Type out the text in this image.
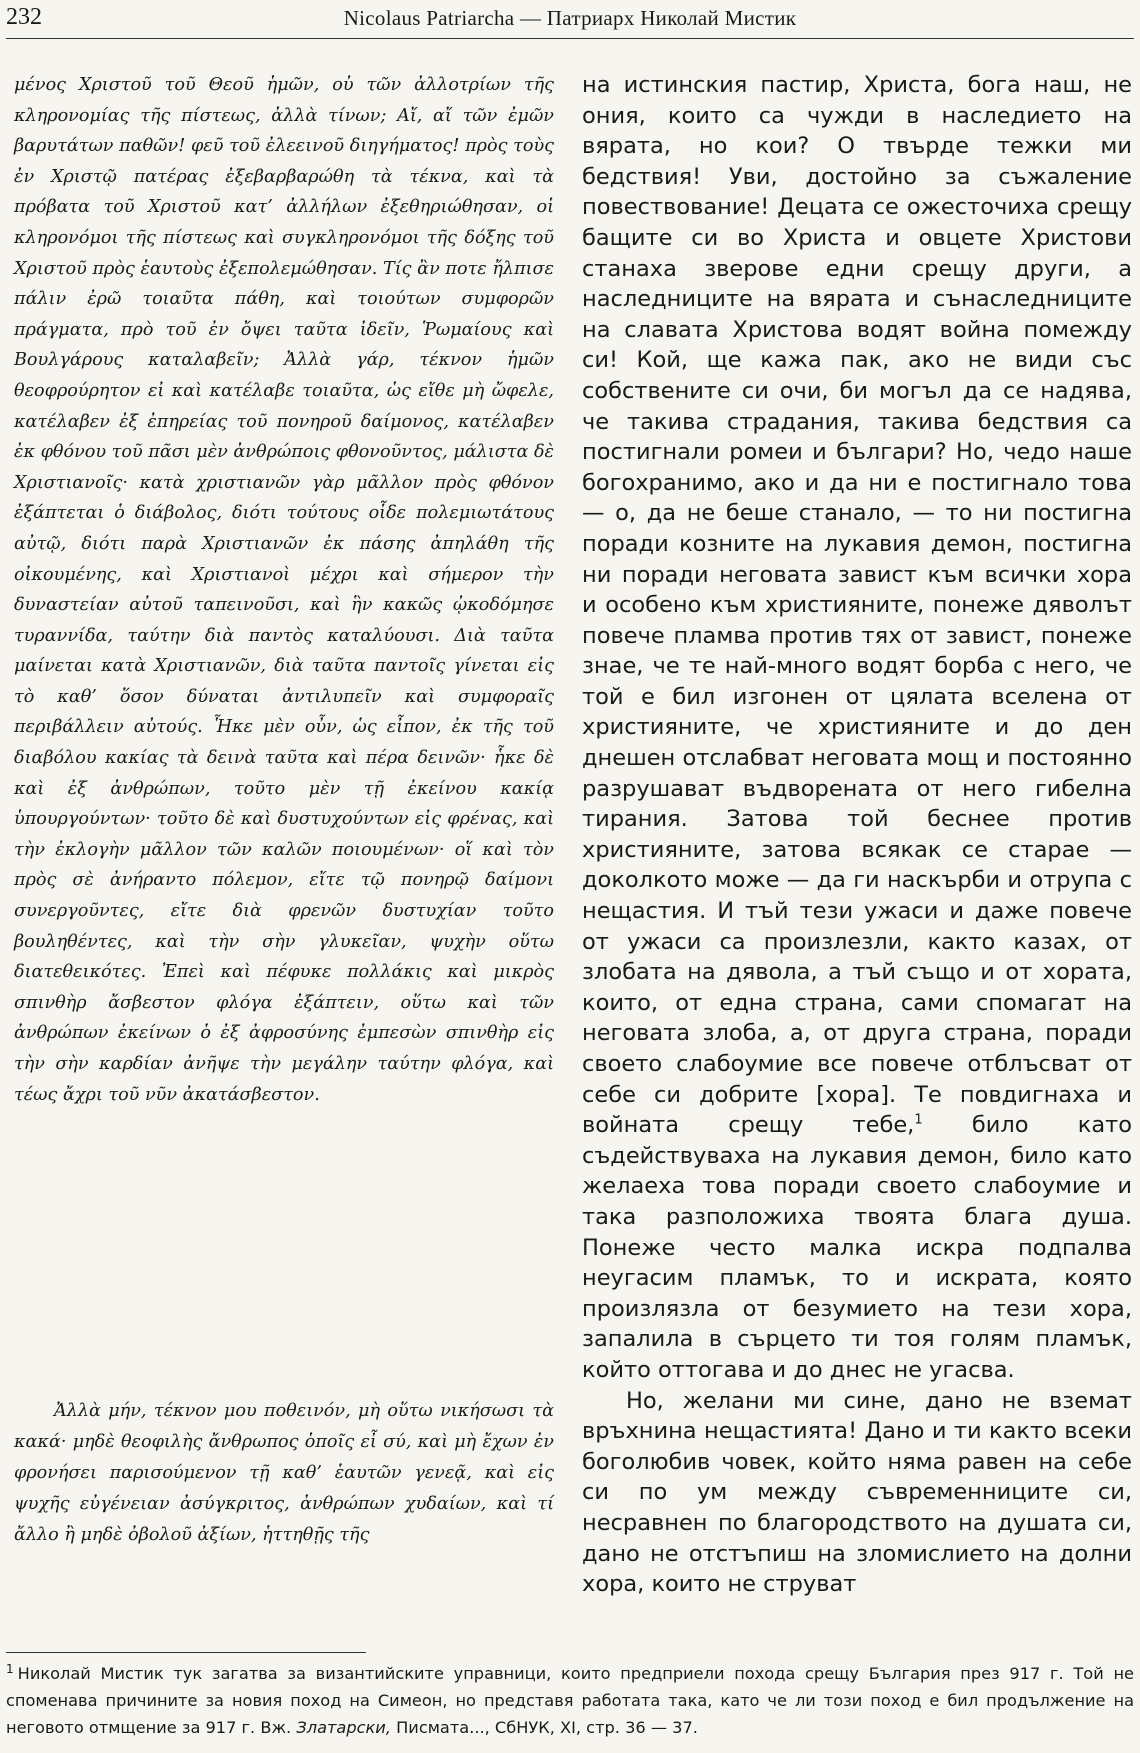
232	Nicolaus Patriarcha — Патриарх Николай Мистик

μένος Χριστοῦ τοῦ Θεοῦ ἡμῶν, οὐ τῶν ἀλλοτρίων τῆς κληρονομίας τῆς πίστεως, ἀλλὰ τίνων; Αἴ, αἴ τῶν ἐμῶν βαρυτάτων παθῶν! φεῦ τοῦ ἐλεεινοῦ διηγήματος! πρὸς τοὺς ἐν Χριστῷ πατέρας ἐξεβαρβαρώθη τὰ τέκνα, καὶ τὰ πρόβατα τοῦ Χριστοῦ κατ’ ἀλλήλων ἐξεθηριώθησαν, οἱ κληρονόμοι τῆς πίστεως καὶ συγκληρονόμοι τῆς δόξης τοῦ Χριστοῦ πρὸς ἑαυτοὺς ἐξεπολεμώθησαν. Τίς ἂν ποτε ἤλπισε πάλιν ἐρῶ τοιαῦτα πάθη, καὶ τοιούτων συμφορῶν πράγματα, πρὸ τοῦ ἐν ὄψει ταῦτα ἰδεῖν, Ῥωμαίους καὶ Βουλγάρους καταλαβεῖν; Ἀλλὰ γάρ, τέκνον ἡμῶν θεοφρούρητον εἰ καὶ κατέλαβε τοιαῦτα, ὡς εἴθε μὴ ὤφελε, κατέλαβεν ἐξ ἐπηρείας τοῦ πονηροῦ δαίμονος, κατέλαβεν ἐκ φθόνου τοῦ πᾶσι μὲν ἀνθρώποις φθονοῦντος, μάλιστα δὲ Χριστιανοῖς· κατὰ χριστιανῶν γὰρ μᾶλλον πρὸς φθόνον ἐξάπτεται ὁ διάβολος, διότι τούτους οἶδε πολεμιωτάτους αὐτῷ, διότι παρὰ Χριστιανῶν ἐκ πάσης ἀπηλάθη τῆς οἰκουμένης, καὶ Χριστιανοὶ μέχρι καὶ σήμερον τὴν δυναστείαν αὐτοῦ ταπεινοῦσι, καὶ ἣν κακῶς ᾠκοδόμησε τυραννίδα, ταύτην διὰ παντὸς καταλύουσι. Διὰ ταῦτα μαίνεται κατὰ Χριστιανῶν, διὰ ταῦτα παντοῖς γίνεται εἰς τὸ καθ’ ὅσον δύναται ἀντιλυπεῖν καὶ συμφοραῖς περιβάλλειν αὐτούς. Ἧκε μὲν οὖν, ὡς εἶπον, ἐκ τῆς τοῦ διαβόλου κακίας τὰ δεινὰ ταῦτα καὶ πέρα δεινῶν· ἧκε δὲ καὶ ἐξ ἀνθρώπων, τοῦτο μὲν τῇ ἐκείνου κακίᾳ ὑπουργούντων· τοῦτο δὲ καὶ δυστυχούντων εἰς φρένας, καὶ τὴν ἐκλογὴν μᾶλλον τῶν καλῶν ποιουμένων· οἵ καὶ τὸν πρὸς σὲ ἀνήραντο πόλεμον, εἴτε τῷ πονηρῷ δαίμονι συνεργοῦντες, εἴτε διὰ φρενῶν δυστυχίαν τοῦτο βουληθέντες, καὶ τὴν σὴν γλυκεῖαν, ψυχὴν οὕτω διατεθεικότες. Ἐπεὶ καὶ πέφυκε πολλάκις καὶ μικρὸς σπινθὴρ ἄσβεστον φλόγα ἐξάπτειν, οὕτω καὶ τῶν ἀνθρώπων ἐκείνων ὁ ἐξ ἀφροσύνης ἐμπεσὼν σπινθὴρ εἰς τὴν σὴν καρδίαν ἀνῆψε τὴν μεγάλην ταύτην φλόγα, καὶ τέως ἄχρι τοῦ νῦν ἀκατάσβεστον.

Ἀλλὰ μήν, τέκνον μου ποθεινόν, μὴ οὕτω νικήσωσι τὰ κακά· μηδὲ θεοφιλὴς ἄνθρωπος ὁποῖς εἶ σύ, καὶ μὴ ἔχων ἐν φρονήσει παρισούμενον τῇ καθ’ ἑαυτῶν γενεᾷ, καὶ εἰς ψυχῆς εὐγένειαν ἀσύγκριτος, ἀνθρώπων χυδαίων, καὶ τί ἄλλο ἢ μηδὲ ὀβολοῦ ἀξίων, ἡττηθῇς τῆς

на истинския пастир, Христа, бога наш, не ония, които са чужди в наследието на вярата, но кои? О твърде тежки ми бедствия! Уви, достойно за съжаление повествование! Децата се ожесточиха срещу бащите си во Христа и овцете Христови станаха зверове едни срещу други, а наследниците на вярата и сънаследниците на славата Христова водят война помежду си! Кой, ще кажа пак, ако не види със собствените си очи, би могъл да се надява, че такива страдания, такива бедствия са постигнали ромеи и българи? Но, чедо наше богохранимо, ако и да ни е постигнало това — о, да не беше станало, — то ни постигна поради козните на лукавия демон, постигна ни поради неговата завист към всички хора и особено към християните, понеже дяволът повече пламва против тях от завист, понеже знае, че те най-много водят борба с него, че той е бил изгонен от цялата вселена от християните, че християните и до ден днешен отслабват неговата мощ и постоянно разрушават въдворената от него гибелна тирания. Затова той беснее против християните, затова всякак се старае — доколкото може — да ги наскърби и отрупа с нещастия. И тъй тези ужаси и даже повече от ужаси са произлезли, както казах, от злобата на дявола, а тъй също и от хората, които, от една страна, сами спомагат на неговата злоба, а, от друга страна, поради своето слабоумие все повече отблъсват от себе си добрите [хора]. Те повдигнаха и войната срещу тебе,$^1$ било като съдействуваха на лукавия демон, било като желаеха това поради своето слабоумие и така разположиха твоята блага душа. Понеже често малка искра подпалва неугасим пламък, то и искрата, която произлязла от безумието на тези хора, запалила в сърцето ти тоя голям пламък, който оттогава и до днес не угасва.

Но, желани ми сине, дано не вземат връхнина нещастията! Дано и ти както всеки боголюбив човек, който няма равен на себе си по ум между съвременниците си, несравнен по благородството на душата си, дано не отстъпиш на зломислието на долни хора, които не струват

$^1$ Николай Мистик тук загатва за византийските управници, които предприели похода срещу България през 917 г. Той не споменава причините за новия поход на Симеон, но представя работата така, като че ли този поход е бил продължение на неговото отмщение за 917 г. Вж. Златарски, Писмата..., СбНУК, XI, стр. 36 — 37.
